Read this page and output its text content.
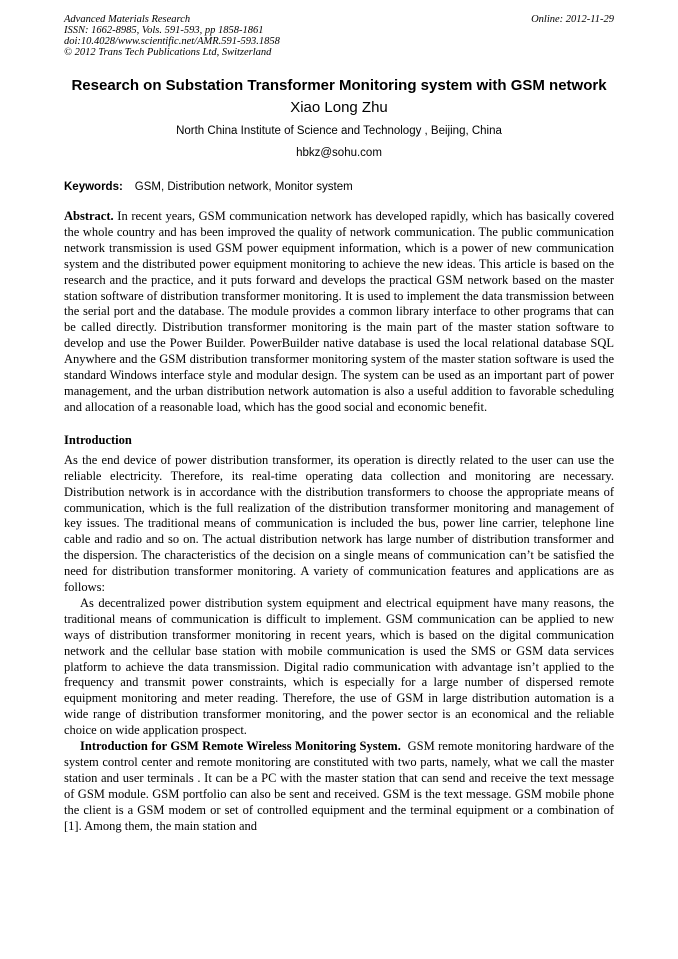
Advanced Materials Research
ISSN: 1662-8985, Vols. 591-593, pp 1858-1861
doi:10.4028/www.scientific.net/AMR.591-593.1858
© 2012 Trans Tech Publications Ltd, Switzerland
Online: 2012-11-29
Research on Substation Transformer Monitoring system with GSM network
Xiao Long Zhu
North China Institute of Science and Technology , Beijing, China
hbkz@sohu.com
Keywords: GSM, Distribution network, Monitor system
Abstract. In recent years, GSM communication network has developed rapidly, which has basically covered the whole country and has been improved the quality of network communication. The public communication network transmission is used GSM power equipment information, which is a power of new communication system and the distributed power equipment monitoring to achieve the new ideas. This article is based on the research and the practice, and it puts forward and develops the practical GSM network based on the master station software of distribution transformer monitoring. It is used to implement the data transmission between the serial port and the database. The module provides a common library interface to other programs that can be called directly. Distribution transformer monitoring is the main part of the master station software to develop and use the Power Builder. PowerBuilder native database is used the local relational database SQL Anywhere and the GSM distribution transformer monitoring system of the master station software is used the standard Windows interface style and modular design. The system can be used as an important part of power management, and the urban distribution network automation is also a useful addition to favorable scheduling and allocation of a reasonable load, which has the good social and economic benefit.
Introduction
As the end device of power distribution transformer, its operation is directly related to the user can use the reliable electricity. Therefore, its real-time operating data collection and monitoring are necessary. Distribution network is in accordance with the distribution transformers to choose the appropriate means of communication, which is the full realization of the distribution transformer monitoring and management of key issues. The traditional means of communication is included the bus, power line carrier, telephone line cable and radio and so on. The actual distribution network has large number of distribution transformer and the dispersion. The characteristics of the decision on a single means of communication can’t be satisfied the need for distribution transformer monitoring. A variety of communication features and applications are as follows:
As decentralized power distribution system equipment and electrical equipment have many reasons, the traditional means of communication is difficult to implement. GSM communication can be applied to new ways of distribution transformer monitoring in recent years, which is based on the digital communication network and the cellular base station with mobile communication is used the SMS or GSM data services platform to achieve the data transmission. Digital radio communication with advantage isn’t applied to the frequency and transmit power constraints, which is especially for a large number of dispersed remote equipment monitoring and meter reading. Therefore, the use of GSM in large distribution automation is a wide range of distribution transformer monitoring, and the power sector is an economical and the reliable choice on wide application prospect.
Introduction for GSM Remote Wireless Monitoring System. GSM remote monitoring hardware of the system control center and remote monitoring are constituted with two parts, namely, what we call the master station and user terminals . It can be a PC with the master station that can send and receive the text message of GSM module. GSM portfolio can also be sent and received. GSM is the text message. GSM mobile phone the client is a GSM modem or set of controlled equipment and the terminal equipment or a combination of [1]. Among them, the main station and
